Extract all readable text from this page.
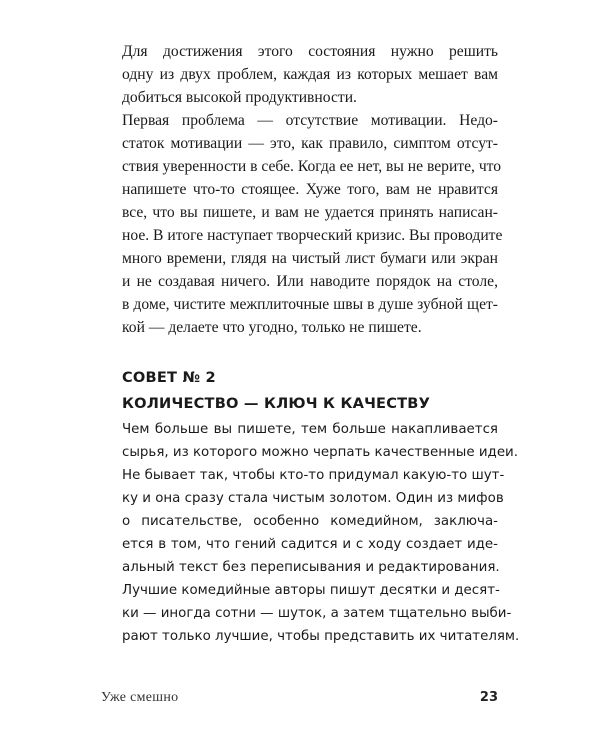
Для достижения этого состояния нужно решить
одну из двух проблем, каждая из которых мешает вам
добиться высокой продуктивности.
Первая проблема — отсутствие мотивации. Недо-
статок мотивации — это, как правило, симптом отсут-
ствия уверенности в себе. Когда ее нет, вы не верите, что
напишете что-то стоящее. Хуже того, вам не нравится
все, что вы пишете, и вам не удается принять написан-
ное. В итоге наступает творческий кризис. Вы проводите
много времени, глядя на чистый лист бумаги или экран
и не создавая ничего. Или наводите порядок на столе,
в доме, чистите межплиточные швы в душе зубной щет-
кой — делаете что угодно, только не пишете.
СОВЕТ № 2
КОЛИЧЕСТВО — КЛЮЧ К КАЧЕСТВУ
Чем больше вы пишете, тем больше накапливается
сырья, из которого можно черпать качественные идеи.
Не бывает так, чтобы кто-то придумал какую-то шут-
ку и она сразу стала чистым золотом. Один из мифов
о писательстве, особенно комедийном, заключа-
ется в том, что гений садится и с ходу создает иде-
альный текст без переписывания и редактирования.
Лучшие комедийные авторы пишут десятки и десят-
ки — иногда сотни — шуток, а затем тщательно выби-
рают только лучшие, чтобы представить их читателям.
Уже смешно	23
